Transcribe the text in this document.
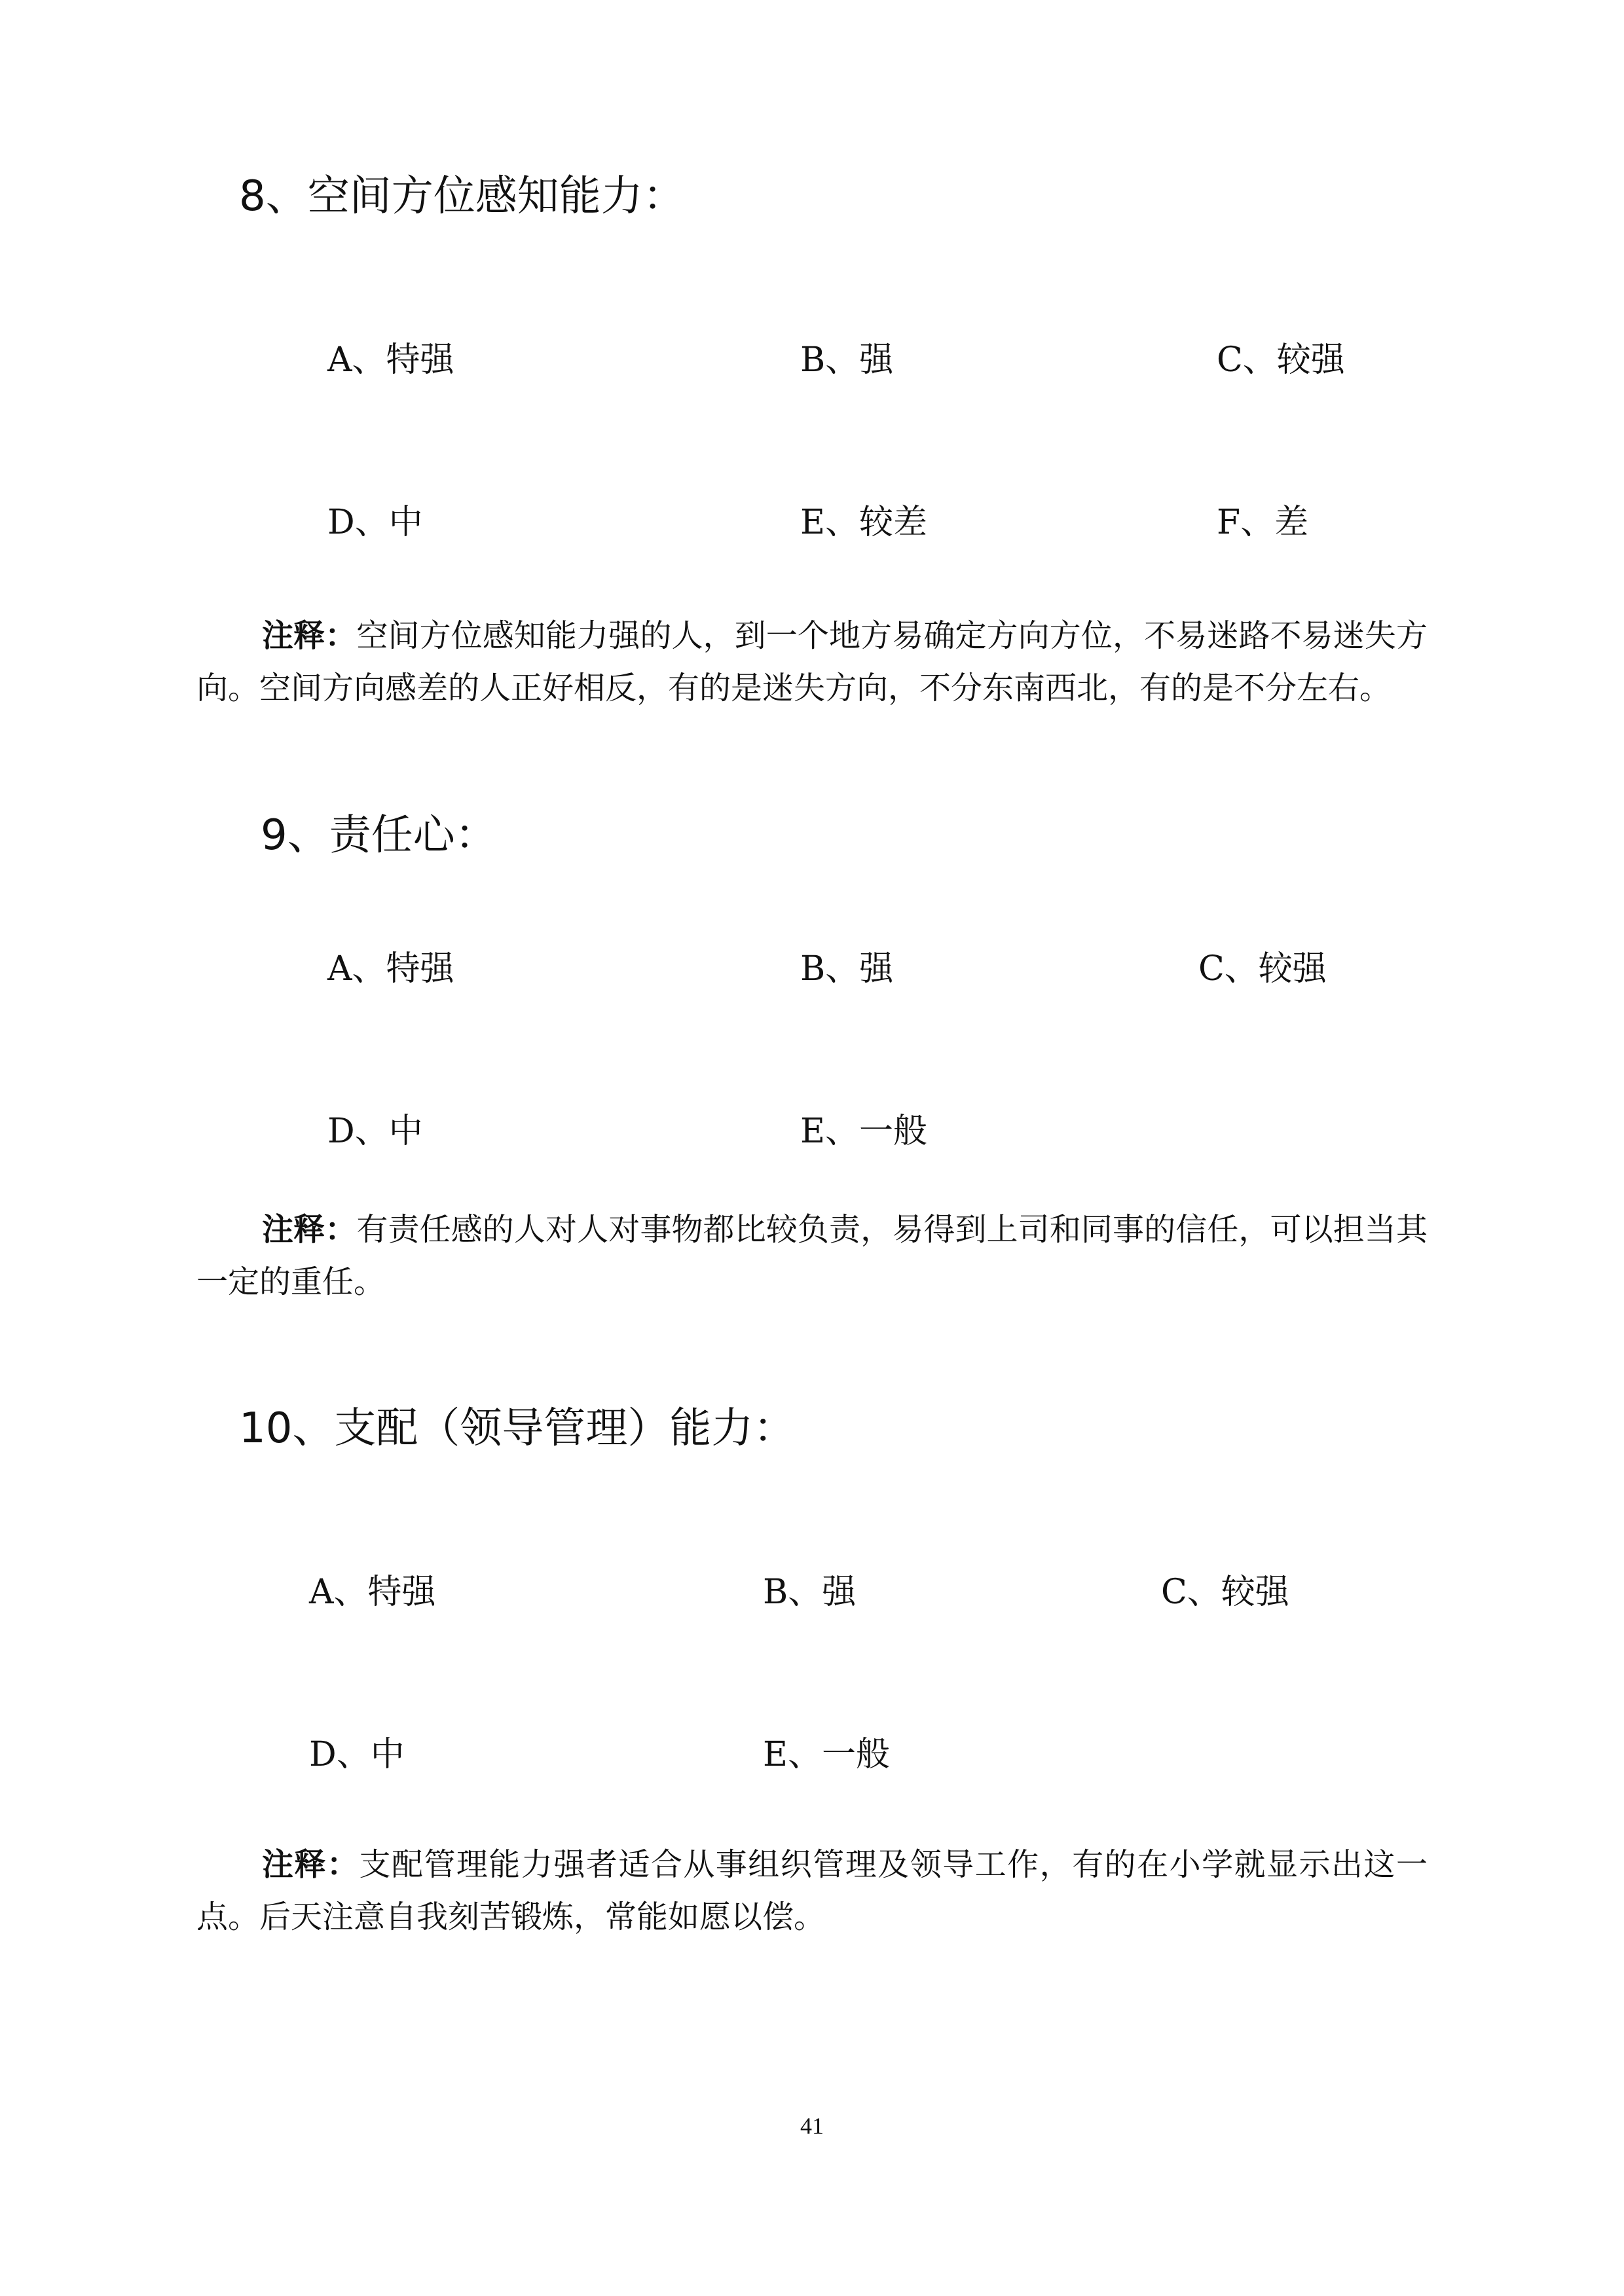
8、空间方位感知能力：
A、特强	B、强	C、较强
D、中	E、较差	F、差
注释：空间方位感知能力强的人，到一个地方易确定方向方位，不易迷路不易迷失方向。空间方向感差的人正好相反，有的是迷失方向，不分东南西北，有的是不分左右。
9、责任心：
A、特强	B、强	C、较强
D、中	E、一般
注释：有责任感的人对人对事物都比较负责，易得到上司和同事的信任，可以担当其一定的重任。
10、支配（领导管理）能力：
A、特强	B、强	C、较强
D、中	E、一般
注释：支配管理能力强者适合从事组织管理及领导工作，有的在小学就显示出这一点。后天注意自我刻苦锻炼，常能如愿以偿。
41
